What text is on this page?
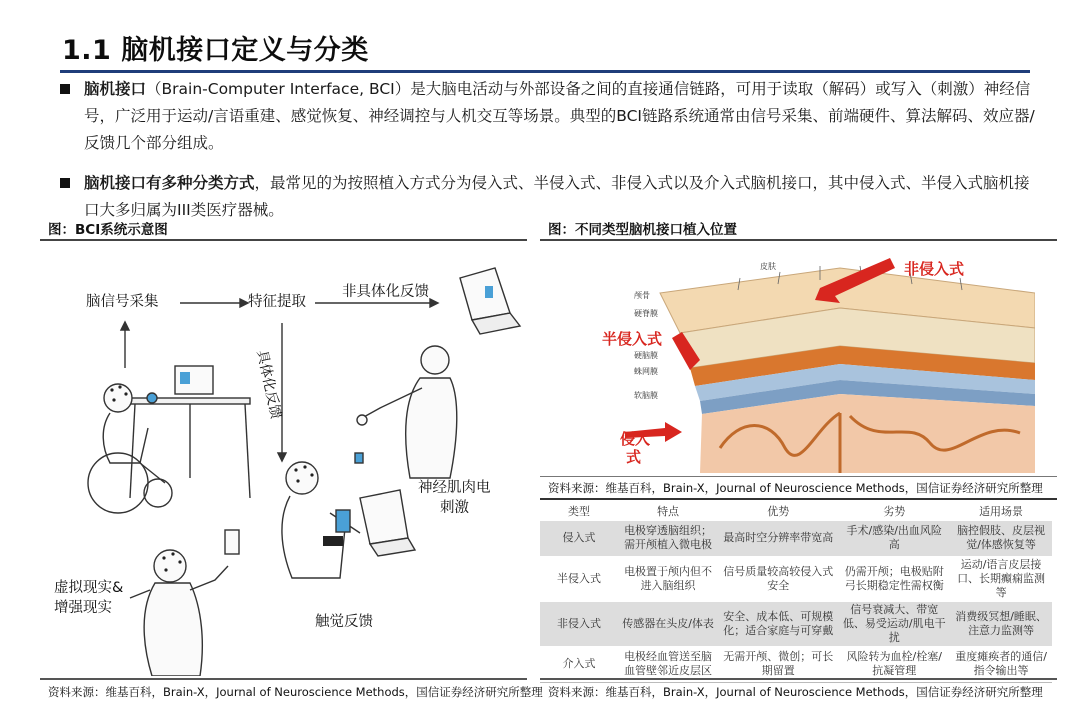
1.1 脑机接口定义与分类
脑机接口（Brain-Computer Interface, BCI）是大脑电活动与外部设备之间的直接通信链路，可用于读取（解码）或写入（刺激）神经信号，广泛用于运动/言语重建、感觉恢复、神经调控与人机交互等场景。典型的BCI链路系统通常由信号采集、前端硬件、算法解码、效应器/反馈几个部分组成。
脑机接口有多种分类方式，最常见的为按照植入方式分为侵入式、半侵入式、非侵入式以及介入式脑机接口，其中侵入式、半侵入式脑机接口大多归属为III类医疗器械。
图：BCI系统示意图	图：不同类型脑机接口植入位置
脑信号采集	特征提取
非具体化反馈
具体化反馈
神经肌肉电
刺激
虚拟现实&
增强现实
触觉反馈
皮肤
颅骨
硬脊膜
硬脑膜
蛛网膜
软脑膜
非侵入式
半侵入式
侵入
式
资料来源：维基百科，Brain-X，Journal of Neuroscience Methods，国信证券经济研究所整理
类型	特点	优势	劣势	适用场景
侵入式	电极穿透脑组织；需开颅植入微电极	最高时空分辨率带宽高	手术/感染/出血风险高	脑控假肢、皮层视觉/体感恢复等
半侵入式	电极置于颅内但不进入脑组织	信号质量较高较侵入式安全	仍需开颅；电极贴附弓长期稳定性需权衡	运动/语言皮层接口、长期癫痫监测等
非侵入式	传感器在头皮/体表	安全、成本低、可规模化；适合家庭与可穿戴	信号衰减大、带宽低、易受运动/肌电干扰	消费级冥想/睡眠、注意力监测等
介入式	电极经血管送至脑血管壁邻近皮层区	无需开颅、微创；可长期留置	风险转为血栓/栓塞/抗凝管理	重度瘫痪者的通信/指令输出等
资料来源：维基百科，Brain-X，Journal of Neuroscience Methods，国信证券经济研究所整理 资料来源：维基百科，Brain-X，Journal of Neuroscience Methods，国信证券经济研究所整理
